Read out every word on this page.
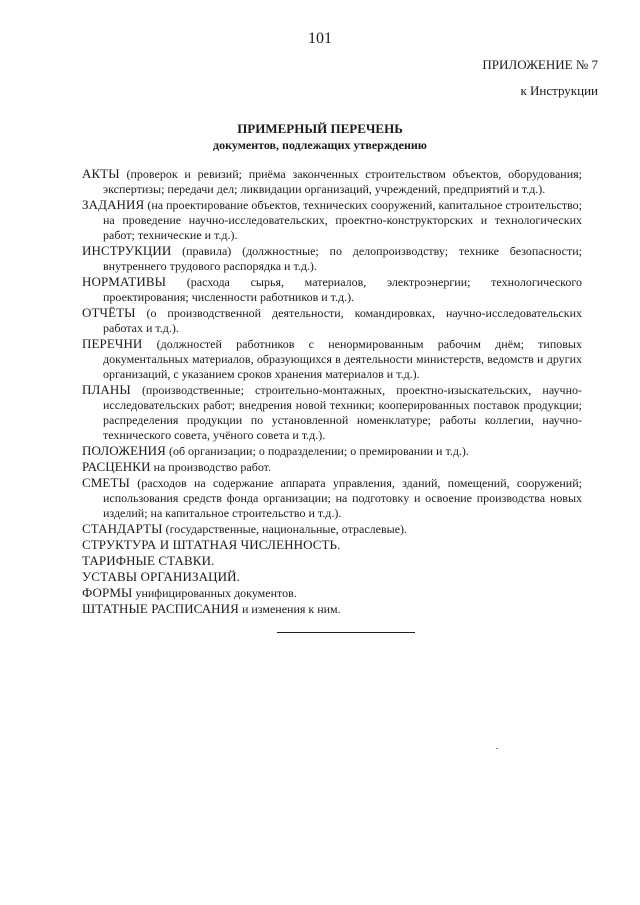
101
ПРИЛОЖЕНИЕ № 7
к Инструкции
ПРИМЕРНЫЙ ПЕРЕЧЕНЬ
документов, подлежащих утверждению

АКТЫ (проверок и ревизий; приёма законченных строительством объектов, оборудования; экспертизы; передачи дел; ликвидации организаций, учреждений, предприятий и т.д.).

ЗАДАНИЯ (на проектирование объектов, технических сооружений, капитальное строительство; на проведение научно-исследовательских, проектно-конструкторских и технологических работ; технические и т.д.).

ИНСТРУКЦИИ (правила) (должностные; по делопроизводству; технике безопасности; внутреннего трудового распорядка и т.д.).

НОРМАТИВЫ (расхода сырья, материалов, электроэнергии; технологического проектирования; численности работников и т.д.).

ОТЧЁТЫ (о производственной деятельности, командировках, научно-исследовательских работах и т.д.).

ПЕРЕЧНИ (должностей работников с ненормированным рабочим днём; типовых документальных материалов, образующихся в деятельности министерств, ведомств и других организаций, с указанием сроков хранения материалов и т.д.).

ПЛАНЫ (производственные; строительно-монтажных, проектно-изыскательских, научно-исследовательских работ; внедрения новой техники; кооперированных поставок продукции; распределения продукции по установленной номенклатуре; работы коллегии, научно-технического совета, учёного совета и т.д.).

ПОЛОЖЕНИЯ (об организации; о подразделении; о премировании и т.д.).

РАСЦЕНКИ на производство работ.

СМЕТЫ (расходов на содержание аппарата управления, зданий, помещений, сооружений; использования средств фонда организации; на подготовку и освоение производства новых изделий; на капитальное строительство и т.д.).

СТАНДАРТЫ (государственные, национальные, отраслевые).

СТРУКТУРА И ШТАТНАЯ ЧИСЛЕННОСТЬ.

ТАРИФНЫЕ СТАВКИ.

УСТАВЫ ОРГАНИЗАЦИЙ.

ФОРМЫ унифицированных документов.

ШТАТНЫЕ РАСПИСАНИЯ и изменения к ним.
